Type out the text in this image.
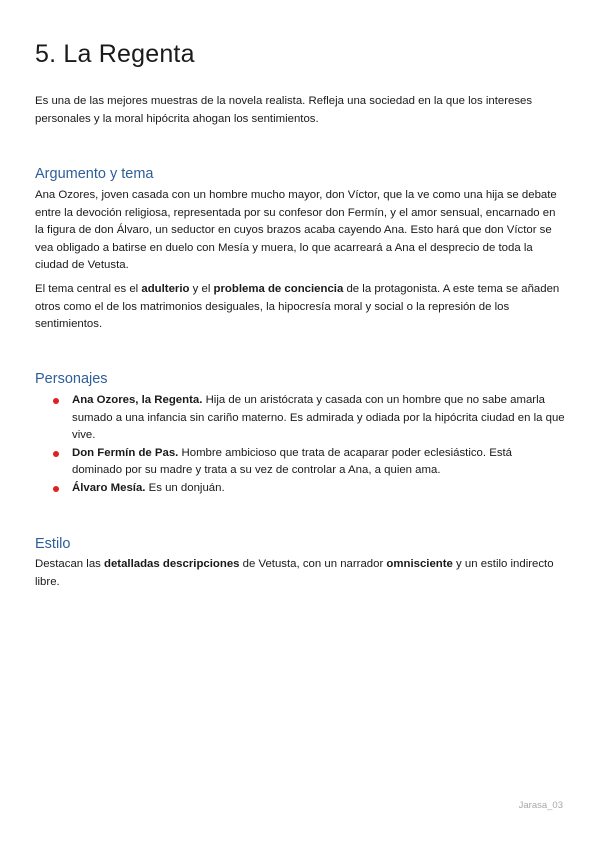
5. La Regenta

Es una de las mejores muestras de la novela realista. Refleja una sociedad en la que los intereses personales y la moral hipócrita ahogan los sentimientos.

Argumento y tema

Ana Ozores, joven casada con un hombre mucho mayor, don Víctor, que la ve como una hija se debate entre la devoción religiosa, representada por su confesor don Fermín, y el amor sensual, encarnado en la figura de don Álvaro, un seductor en cuyos brazos acaba cayendo Ana. Esto hará que don Víctor se vea obligado a batirse en duelo con Mesía y muera, lo que acarreará a Ana el desprecio de toda la ciudad de Vetusta.

El tema central es el adulterio y el problema de conciencia de la protagonista. A este tema se añaden otros como el de los matrimonios desiguales, la hipocresía moral y social o la represión de los sentimientos.

Personajes
Ana Ozores, la Regenta. Hija de un aristócrata y casada con un hombre que no sabe amarla sumado a una infancia sin cariño materno. Es admirada y odiada por la hipócrita ciudad en la que vive.
Don Fermín de Pas. Hombre ambicioso que trata de acaparar poder eclesiástico. Está dominado por su madre y trata a su vez de controlar a Ana, a quien ama.
Álvaro Mesía. Es un donjuán.
Estilo

Destacan las detalladas descripciones de Vetusta, con un narrador omnisciente y un estilo indirecto libre.

Jarasa_03
